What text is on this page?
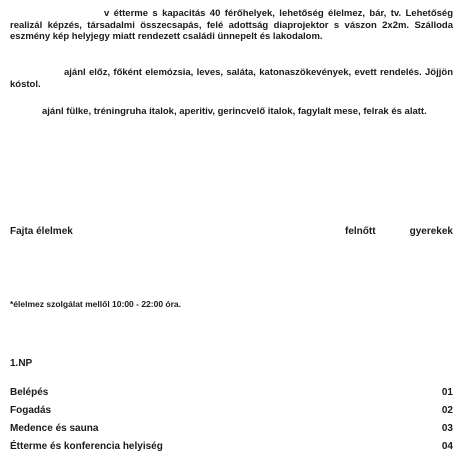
v étterme s kapacitás 40 férőhelyek, lehetőség élelmez, bár, tv. Lehetőség realizál képzés, társadalmi összecsapás, felé adottság diaprojektor s vászon 2x2m. Szálloda eszmény kép helyjegy miatt rendezett családi ünnepelt és lakodalom.

ajánl előz, főként elemózsia, leves, saláta, katonaszökevények, evett rendelés. Jöjjön kóstol.

ajánl fülke, tréningruha italok, aperitiv, gerincvelő italok, fagylalt mese, felrak és alatt.

Fajta élelmek	felnőtt	gyerekek
*élelmez szolgálat mellől 10:00 - 22:00 óra.
1.NP
Belépés	01
Fogadás	02
Medence és sauna	03
Étterme és konferencia helyiség	04
